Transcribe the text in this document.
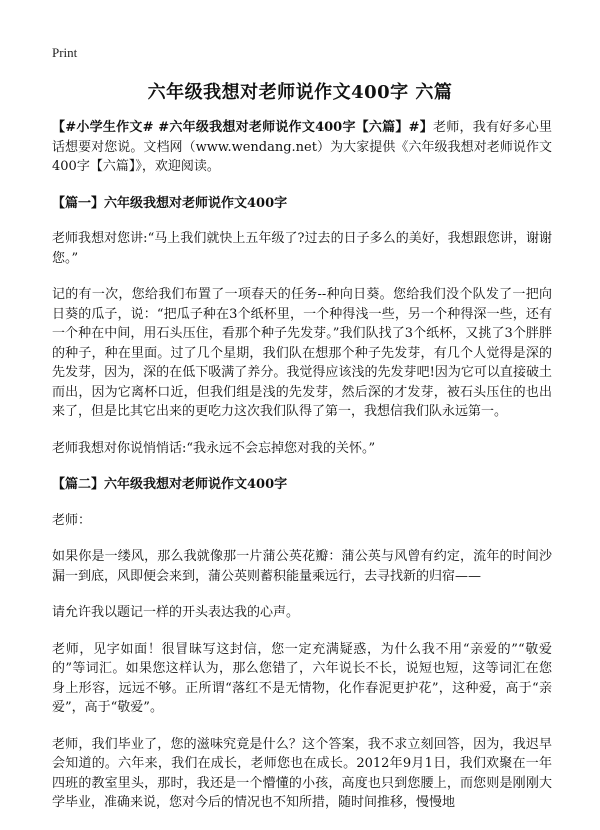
Print
六年级我想对老师说作文400字 六篇

【#小学生作文# #六年级我想对老师说作文400字【六篇】#】老师，我有好多心里话想要对您说。文档网（www.wendang.net）为大家提供《六年级我想对老师说作文400字【六篇】》，欢迎阅读。

【篇一】六年级我想对老师说作文400字

老师我想对您讲:“马上我们就快上五年级了?过去的日子多么的美好，我想跟您讲，谢谢您。”

记的有一次，您给我们布置了一项春天的任务--种向日葵。您给我们没个队发了一把向日葵的瓜子，说：“把瓜子种在3个纸杯里，一个种得浅一些，另一个种得深一些，还有一个种在中间，用石头压住，看那个种子先发芽。”我们队找了3个纸杯，又挑了3个胖胖的种子，种在里面。过了几个星期，我们队在想那个种子先发芽，有几个人觉得是深的先发芽，因为，深的在低下吸满了养分。我觉得应该浅的先发芽吧!因为它可以直接破土而出，因为它离杯口近，但我们组是浅的先发芽，然后深的才发芽，被石头压住的也出来了，但是比其它出来的更吃力这次我们队得了第一，我想信我们队永远第一。

老师我想对你说悄悄话:“我永远不会忘掉您对我的关怀。”

【篇二】六年级我想对老师说作文400字

老师：

如果你是一缕风，那么我就像那一片蒲公英花瓣：蒲公英与风曾有约定，流年的时间沙漏一到底，风即便会来到，蒲公英则蓄积能量乘远行，去寻找新的归宿——

请允许我以题记一样的开头表达我的心声。

老师，见字如面！很冒昧写这封信，您一定充满疑惑，为什么我不用“亲爱的”“敬爱的”等词汇。如果您这样认为，那么您错了，六年说长不长，说短也短，这等词汇在您身上形容，远远不够。正所谓“落红不是无情物，化作春泥更护花”，这种爱，高于“亲爱”，高于“敬爱”。

老师，我们毕业了，您的滋味究竟是什么？这个答案，我不求立刻回答，因为，我迟早会知道的。六年来，我们在成长，老师您也在成长。2012年9月1日，我们欢聚在一年四班的教室里头，那时，我还是一个懵懂的小孩，高度也只到您腰上，而您则是刚刚大学毕业，准确来说，您对今后的情况也不知所措，随时间推移，慢慢地
